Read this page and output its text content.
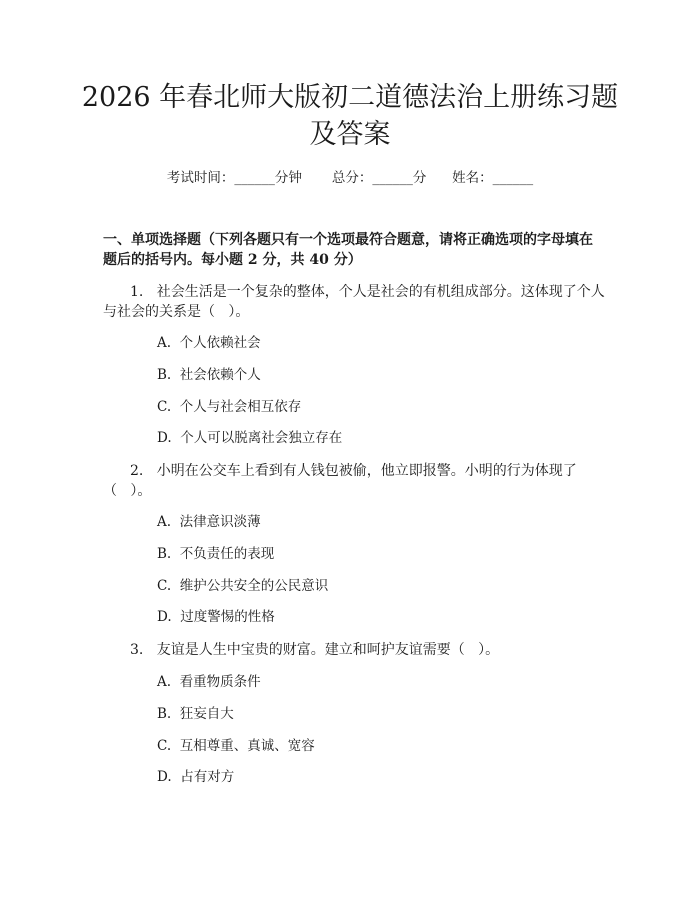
2026 年春北师大版初二道德法治上册练习题
及答案
考试时间：______分钟 总分：______分 姓名：______

一、单项选择题（下列各题只有一个选项最符合题意，请将正确选项的字母填在

题后的括号内。每小题 2 分，共 40 分）

1. 社会生活是一个复杂的整体，个人是社会的有机组成部分。这体现了个人
与社会的关系是（   ）。
A.  个人依赖社会
B.  社会依赖个人
C.  个人与社会相互依存
D.  个人可以脱离社会独立存在
2. 小明在公交车上看到有人钱包被偷，他立即报警。小明的行为体现了
（   ）。
A.  法律意识淡薄
B.  不负责任的表现
C.  维护公共安全的公民意识
D.  过度警惕的性格
3. 友谊是人生中宝贵的财富。建立和呵护友谊需要（   ）。
A.  看重物质条件
B.  狂妄自大
C.  互相尊重、真诚、宽容
D.  占有对方
